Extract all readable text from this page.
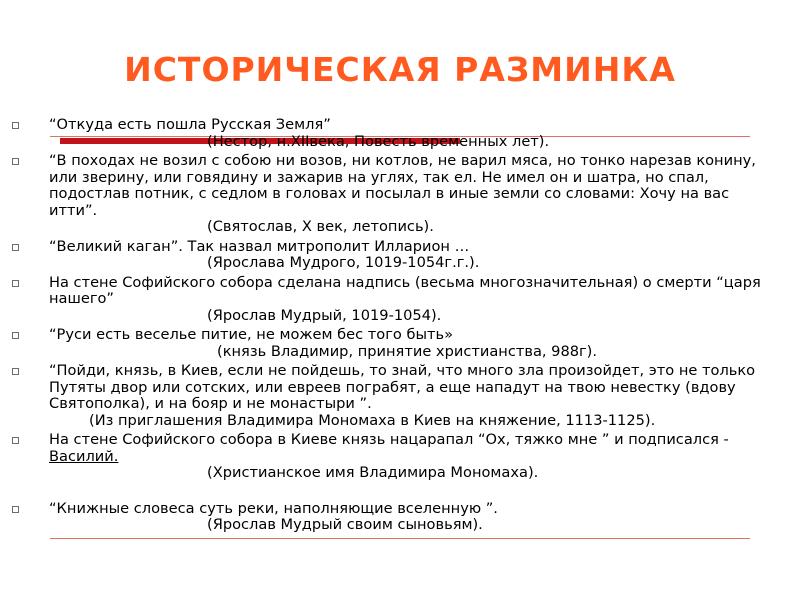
ИСТОРИЧЕСКАЯ РАЗМИНКА
“Откуда есть пошла Русская Земля”
(Нестор, н.XIIвека, Повесть временных лет).
“В походах не возил с собою ни возов, ни котлов, не варил мяса, но тонко нарезав конину, или зверину, или говядину и зажарив на углях, так ел. Не имел он и шатра, но спал, подостлав потник, с седлом в головах и посылал в иные земли со словами: Хочу на вас итти”.
(Святослав, X век, летопись).
“Великий каган”. Так назвал митрополит Илларион …
(Ярослава Мудрого, 1019-1054г.г.).
На стене Софийского собора сделана надпись (весьма многозначительная) о смерти “царя нашего”
(Ярослав Мудрый, 1019-1054).
“Руси есть веселье питие, не можем бес того быть»
(князь Владимир, принятие христианства, 988г).
“Пойди, князь, в Киев, если не пойдешь, то знай, что много зла произойдет, это не только Путяты двор или сотских, или евреев пограбят, а еще нападут на твою невестку (вдову Святополка), и на бояр и не монастыри ”.
(Из приглашения Владимира Мономаха в Киев на княжение, 1113-1125).
На стене Софийского собора в Киеве князь нацарапал “Ох, тяжко мне ” и подписался - Василий.
(Христианское имя Владимира Мономаха).
“Книжные словеса суть реки, наполняющие вселенную ”.
(Ярослав Мудрый своим сыновьям).
